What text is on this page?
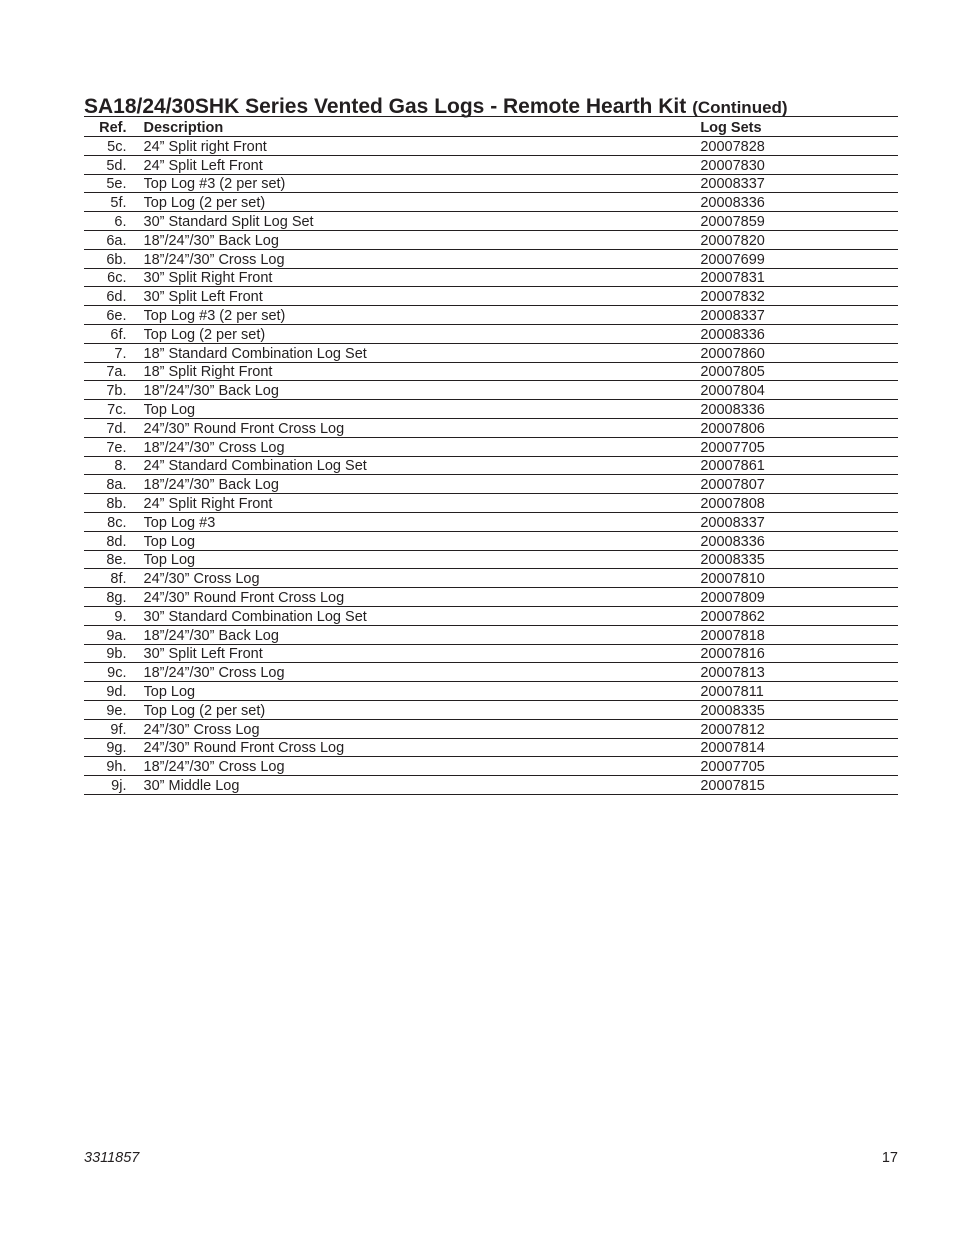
SA18/24/30SHK Series Vented Gas Logs - Remote Hearth Kit (Continued)
Ref.		Description	Log Sets
5c.		24” Split right Front	20007828
5d.		24” Split Left Front	20007830
5e.		Top Log #3 (2 per set)	20008337
5f.		Top Log (2 per set)	20008336
6.		30” Standard Split Log Set	20007859
6a.		18”/24”/30” Back Log	20007820
6b.		18”/24”/30” Cross Log	20007699
6c.		30” Split Right Front	20007831
6d.		30” Split Left Front	20007832
6e.		Top Log #3 (2 per set)	20008337
6f.		Top Log (2 per set)	20008336
7.		18” Standard Combination Log Set	20007860
7a.		18” Split Right Front	20007805
7b.		18”/24”/30” Back Log	20007804
7c.		Top Log	20008336
7d.		24”/30” Round Front Cross Log	20007806
7e.		18”/24”/30” Cross Log	20007705
8.		24” Standard Combination Log Set	20007861
8a.		18”/24”/30” Back Log	20007807
8b.		24” Split Right Front	20007808
8c.		Top Log #3	20008337
8d.		Top Log	20008336
8e.		Top Log	20008335
8f.		24”/30” Cross Log	20007810
8g.		24”/30” Round Front Cross Log	20007809
9.		30” Standard Combination Log Set	20007862
9a.		18”/24”/30” Back Log	20007818
9b.		30” Split Left Front	20007816
9c.		18”/24”/30” Cross Log	20007813
9d.		Top Log	20007811
9e.		Top Log (2 per set)	20008335
9f.		24”/30” Cross Log	20007812
9g.		24”/30” Round Front Cross Log	20007814
9h.		18”/24”/30” Cross Log	20007705
9j.		30” Middle Log	20007815
3311857	17
